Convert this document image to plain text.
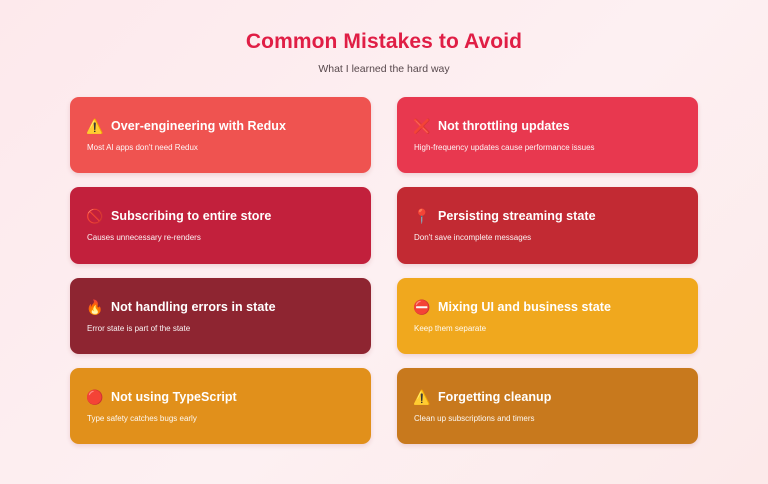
Common Mistakes to Avoid
What I learned the hard way
⚠️ Over-engineering with Redux
Most AI apps don't need Redux
❌ Not throttling updates
High-frequency updates cause performance issues
🚫 Subscribing to entire store
Causes unnecessary re-renders
📍 Persisting streaming state
Don't save incomplete messages
🔥 Not handling errors in state
Error state is part of the state
⛔ Mixing UI and business state
Keep them separate
🔴 Not using TypeScript
Type safety catches bugs early
⚠️ Forgetting cleanup
Clean up subscriptions and timers
